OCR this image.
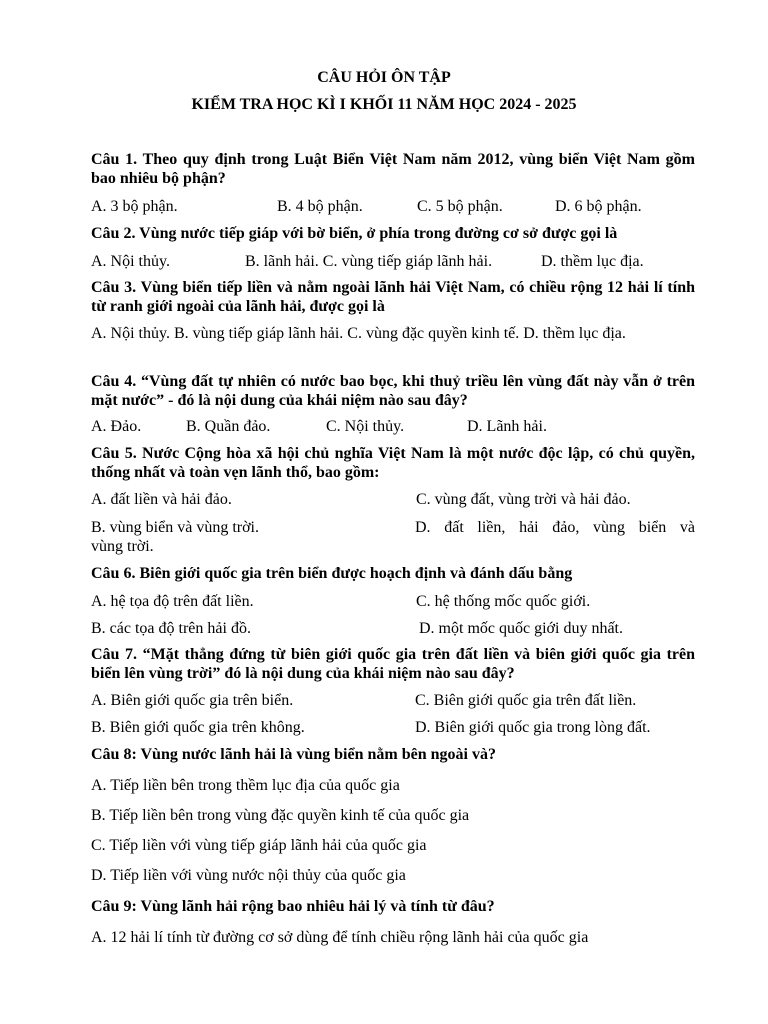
CÂU HỎI ÔN TẬP
KIỂM TRA HỌC KÌ I KHỐI 11 NĂM HỌC 2024 - 2025
Câu 1. Theo quy định trong Luật Biển Việt Nam năm 2012, vùng biển Việt Nam gồm bao nhiêu bộ phận?
A. 3 bộ phận.	B. 4 bộ phận.	C. 5 bộ phận.	D. 6 bộ phận.
Câu 2. Vùng nước tiếp giáp với bờ biển, ở phía trong đường cơ sở được gọi là
A. Nội thủy.	B. lãnh hải. C. vùng tiếp giáp lãnh hải.	D. thềm lục địa.
Câu 3. Vùng biển tiếp liền và nằm ngoài lãnh hải Việt Nam, có chiều rộng 12 hải lí tính từ ranh giới ngoài của lãnh hải, được gọi là
A. Nội thủy. B. vùng tiếp giáp lãnh hải. C. vùng đặc quyền kinh tế. D. thềm lục địa.
Câu 4. “Vùng đất tự nhiên có nước bao bọc, khi thuỷ triều lên vùng đất này vẫn ở trên mặt nước” - đó là nội dung của khái niệm nào sau đây?
A. Đảo.	B. Quần đảo.	C. Nội thủy.	D. Lãnh hải.
Câu 5. Nước Cộng hòa xã hội chủ nghĩa Việt Nam là một nước độc lập, có chủ quyền, thống nhất và toàn vẹn lãnh thổ, bao gồm:
A. đất liền và hải đảo.	C. vùng đất, vùng trời và hải đảo.
B. vùng biển và vùng trời.	D. đất liền, hải đảo, vùng biển và
vùng trời.
Câu 6. Biên giới quốc gia trên biển được hoạch định và đánh dấu bằng
A. hệ tọa độ trên đất liền.	C. hệ thống mốc quốc giới.
B. các tọa độ trên hải đồ.	D. một mốc quốc giới duy nhất.
Câu 7. “Mặt thẳng đứng từ biên giới quốc gia trên đất liền và biên giới quốc gia trên biển lên vùng trời” đó là nội dung của khái niệm nào sau đây?
A. Biên giới quốc gia trên biển.	C. Biên giới quốc gia trên đất liền.
B. Biên giới quốc gia trên không.	D. Biên giới quốc gia trong lòng đất.
Câu 8: Vùng nước lãnh hải là vùng biển nằm bên ngoài và?
A. Tiếp liền bên trong thềm lục địa của quốc gia
B. Tiếp liền bên trong vùng đặc quyền kinh tế của quốc gia
C. Tiếp liền với vùng tiếp giáp lãnh hải của quốc gia
D. Tiếp liền với vùng nước nội thủy của quốc gia
Câu 9: Vùng lãnh hải rộng bao nhiêu hải lý và tính từ đâu?
A. 12 hải lí tính từ đường cơ sở dùng để tính chiều rộng lãnh hải của quốc gia
